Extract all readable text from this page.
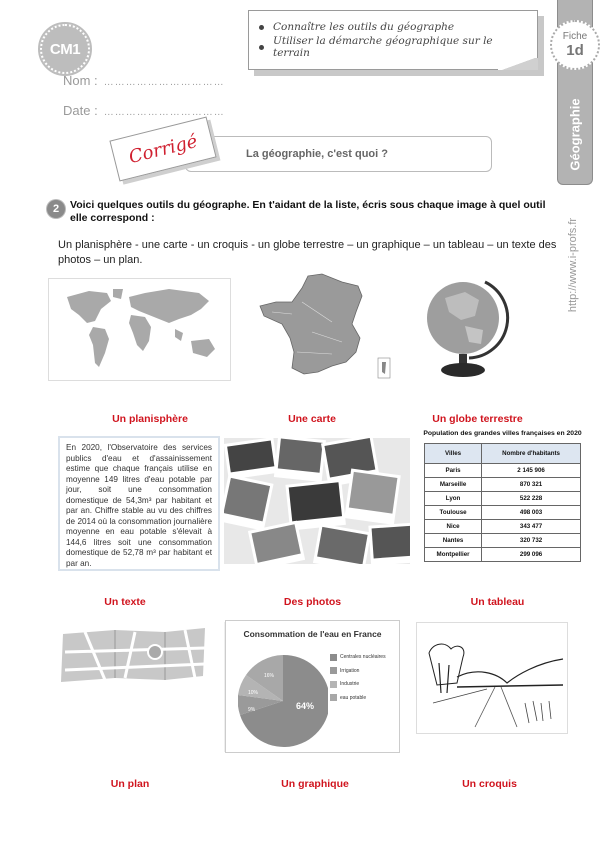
CM1
Nom : ……………………………
Date : ……………………………
Connaître les outils du géographe
Utiliser la démarche géographique sur le terrain
Fiche
1d
Géographie
http://www.i-profs.fr
La géographie, c'est quoi ?
Corrigé
2 Voici quelques outils du géographe. En t'aidant de la liste, écris sous chaque image à quel outil elle correspond :
Un planisphère - une carte - un croquis - un globe terrestre – un graphique – un tableau – un texte des photos – un plan.
Un planisphère	Une carte	Un globe terrestre
En 2020, l'Observatoire des services publics d'eau et d'assainissement estime que chaque français utilise en moyenne 149 litres d'eau potable par jour, soit une consommation domestique de 54,3m³ par habitant et par an. Chiffre stable au vu des chiffres de 2014 où la consommation journalière moyenne en eau potable s'élevait à 144,6 litres soit une consommation domestique de 52,78 m³ par habitant et par an.
Population des grandes villes françaises en 2020
Villes	Nombre d'habitants
Paris	2 145 906
Marseille	870 321
Lyon	522 228
Toulouse	498 003
Nice	343 477
Nantes	320 732
Montpellier	299 096
Un texte	Des photos	Un tableau
Consommation de l'eau en France
64%
9%
10%
16%
Centrales nucléaires
Irrigation
Industrie
eau potable
Un plan	Un graphique	Un croquis
